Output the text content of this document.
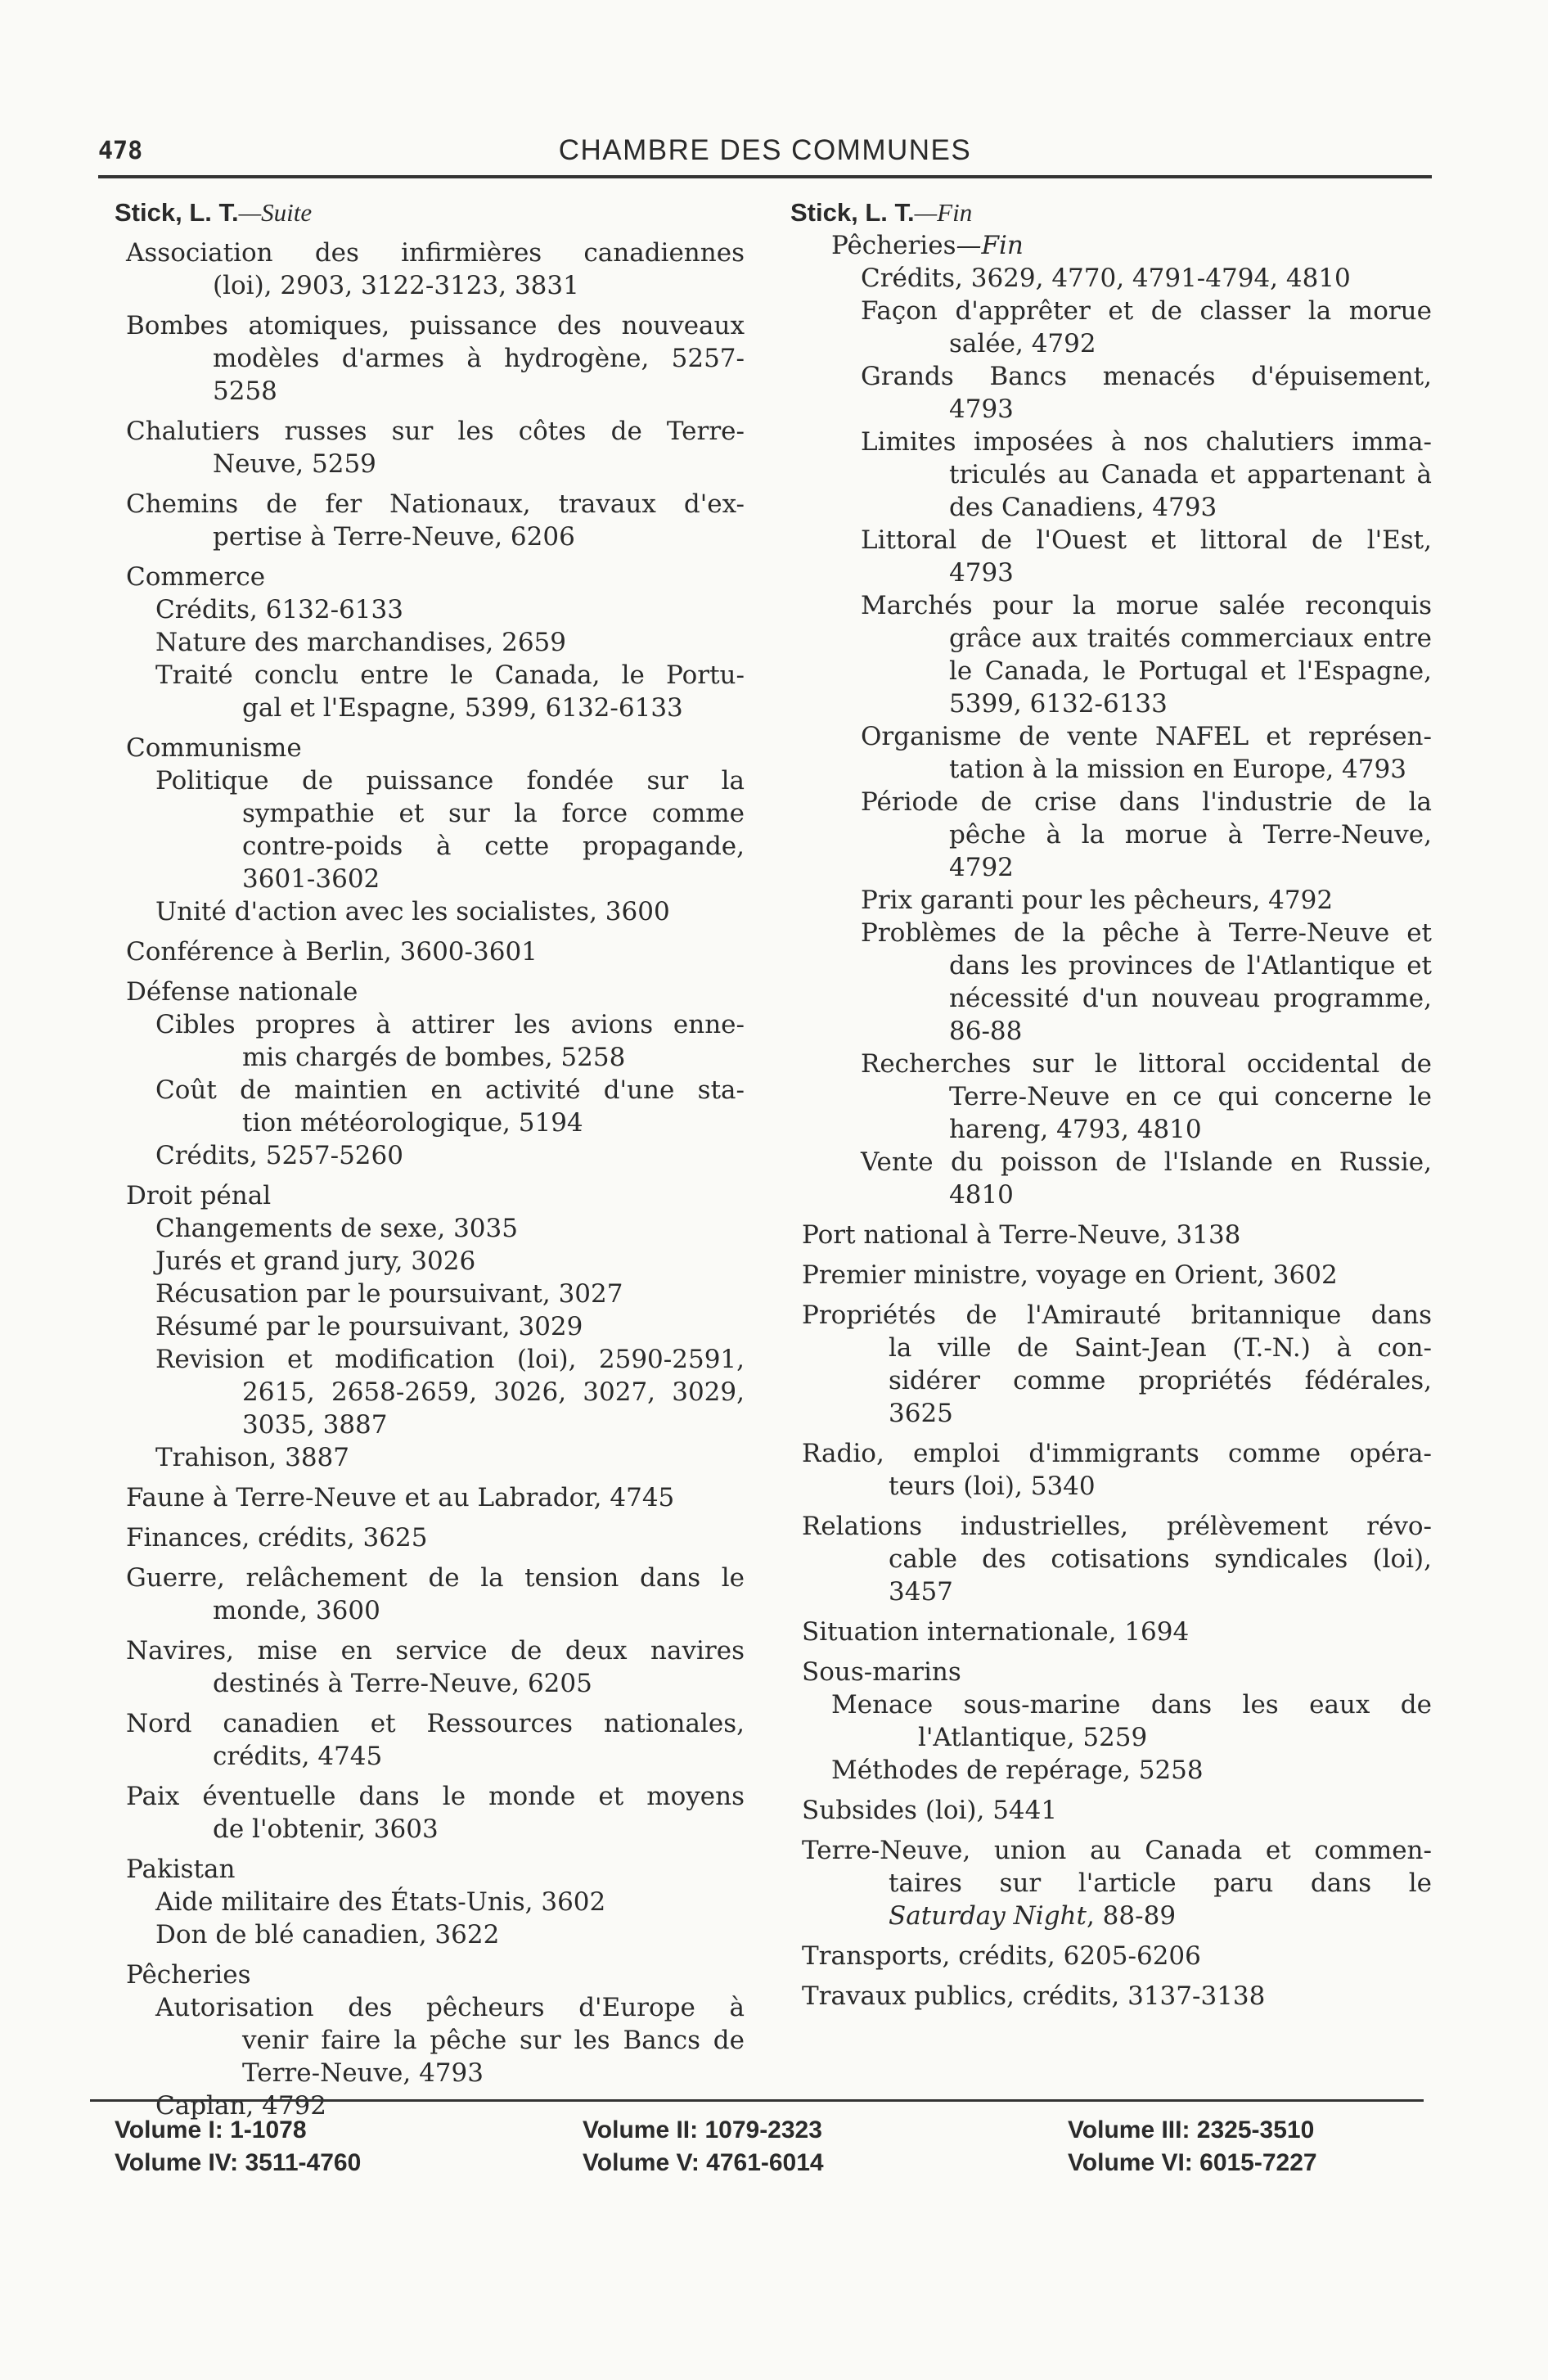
478	CHAMBRE DES COMMUNES
Stick, L. T.—Suite
Association des infirmières canadiennes
(loi), 2903, 3122-3123, 3831
Bombes atomiques, puissance des nouveaux
modèles d'armes à hydrogène, 5257-
5258
Chalutiers russes sur les côtes de Terre-
Neuve, 5259
Chemins de fer Nationaux, travaux d'ex-
pertise à Terre-Neuve, 6206
Commerce
Crédits, 6132-6133
Nature des marchandises, 2659
Traité conclu entre le Canada, le Portu-
gal et l'Espagne, 5399, 6132-6133
Communisme
Politique de puissance fondée sur la
sympathie et sur la force comme
contre-poids à cette propagande,
3601-3602
Unité d'action avec les socialistes, 3600
Conférence à Berlin, 3600-3601
Défense nationale
Cibles propres à attirer les avions enne-
mis chargés de bombes, 5258
Coût de maintien en activité d'une sta-
tion météorologique, 5194
Crédits, 5257-5260
Droit pénal
Changements de sexe, 3035
Jurés et grand jury, 3026
Récusation par le poursuivant, 3027
Résumé par le poursuivant, 3029
Revision et modification (loi), 2590-2591,
2615, 2658-2659, 3026, 3027, 3029,
3035, 3887
Trahison, 3887
Faune à Terre-Neuve et au Labrador, 4745
Finances, crédits, 3625
Guerre, relâchement de la tension dans le
monde, 3600
Navires, mise en service de deux navires
destinés à Terre-Neuve, 6205
Nord canadien et Ressources nationales,
crédits, 4745
Paix éventuelle dans le monde et moyens
de l'obtenir, 3603
Pakistan
Aide militaire des États-Unis, 3602
Don de blé canadien, 3622
Pêcheries
Autorisation des pêcheurs d'Europe à
venir faire la pêche sur les Bancs de
Terre-Neuve, 4793
Caplan, 4792
Stick, L. T.—Fin
Pêcheries—Fin
Crédits, 3629, 4770, 4791-4794, 4810
Façon d'apprêter et de classer la morue
salée, 4792
Grands Bancs menacés d'épuisement,
4793
Limites imposées à nos chalutiers imma-
triculés au Canada et appartenant à
des Canadiens, 4793
Littoral de l'Ouest et littoral de l'Est,
4793
Marchés pour la morue salée reconquis
grâce aux traités commerciaux entre
le Canada, le Portugal et l'Espagne,
5399, 6132-6133
Organisme de vente NAFEL et représen-
tation à la mission en Europe, 4793
Période de crise dans l'industrie de la
pêche à la morue à Terre-Neuve,
4792
Prix garanti pour les pêcheurs, 4792
Problèmes de la pêche à Terre-Neuve et
dans les provinces de l'Atlantique et
nécessité d'un nouveau programme,
86-88
Recherches sur le littoral occidental de
Terre-Neuve en ce qui concerne le
hareng, 4793, 4810
Vente du poisson de l'Islande en Russie,
4810
Port national à Terre-Neuve, 3138
Premier ministre, voyage en Orient, 3602
Propriétés de l'Amirauté britannique dans
la ville de Saint-Jean (T.-N.) à con-
sidérer comme propriétés fédérales,
3625
Radio, emploi d'immigrants comme opéra-
teurs (loi), 5340
Relations industrielles, prélèvement révo-
cable des cotisations syndicales (loi),
3457
Situation internationale, 1694
Sous-marins
Menace sous-marine dans les eaux de
l'Atlantique, 5259
Méthodes de repérage, 5258
Subsides (loi), 5441
Terre-Neuve, union au Canada et commen-
taires sur l'article paru dans le
Saturday Night, 88-89
Transports, crédits, 6205-6206
Travaux publics, crédits, 3137-3138
Volume I: 1-1078	Volume II: 1079-2323	Volume III: 2325-3510
Volume IV: 3511-4760	Volume V: 4761-6014	Volume VI: 6015-7227
